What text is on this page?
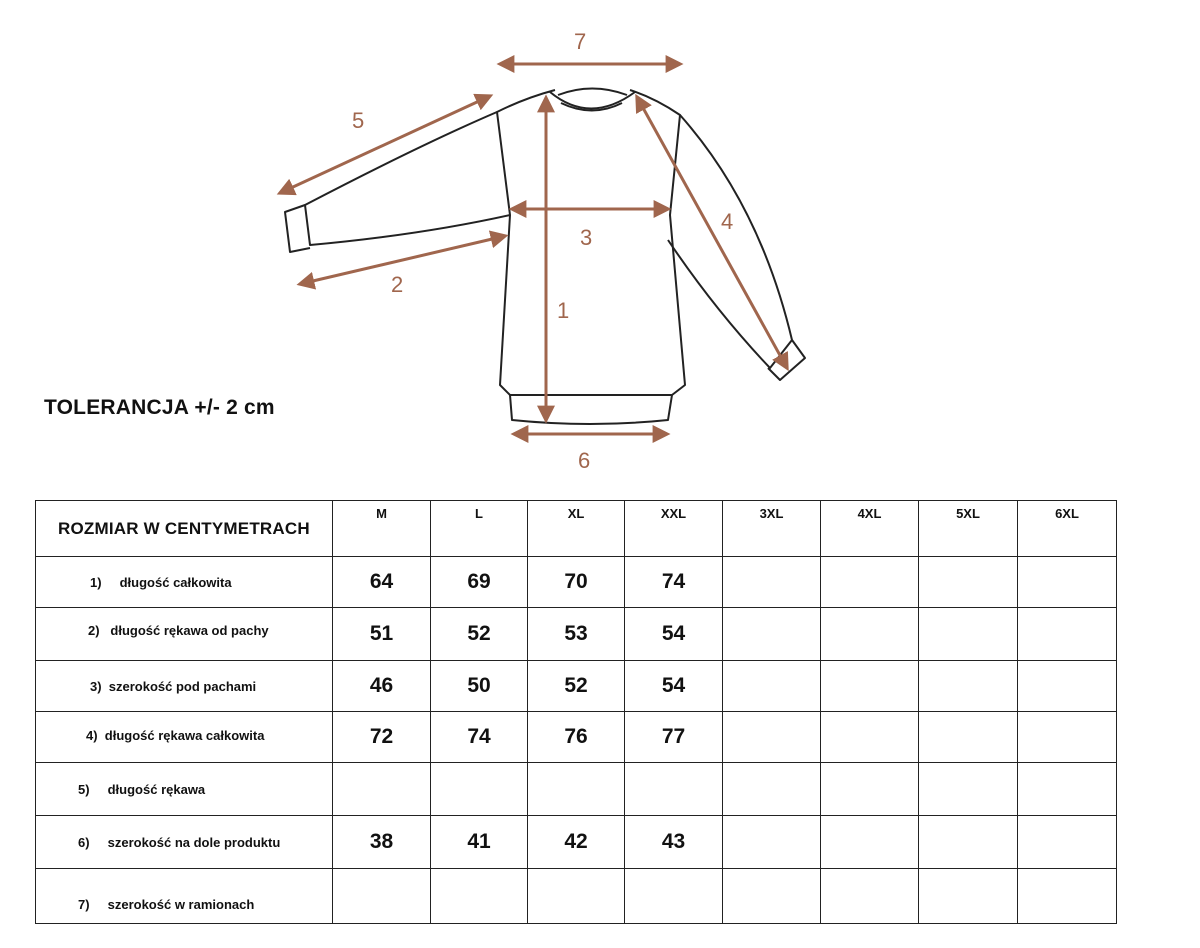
7
5
3
4
2
1
6
TOLERANCJA +/- 2 cm
ROZMIAR W CENTYMETRACH	M	L	XL	XXL	3XL	4XL	5XL	6XL

1)     długość całkowita	64	69	70	74				

2)   długość rękawa od pachy	51	52	53	54				

3)  szerokość pod pachami	46	50	52	54				

4)  długość rękawa całkowita	72	74	76	77				

5)     długość rękawa								

6)     szerokość na dole produktu	38	41	42	43				

7)     szerokość w ramionach								
